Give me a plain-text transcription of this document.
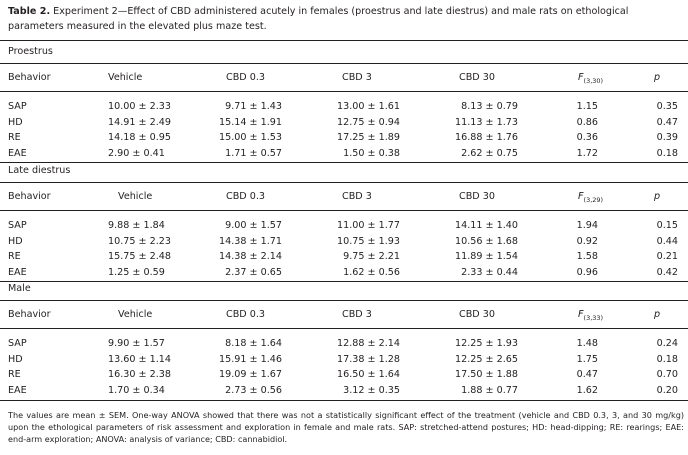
Table 2. Experiment 2—Effect of CBD administered acutely in females (proestrus and late diestrus) and male rats on ethological parameters measured in the elevated plus maze test.
Proestrus
Behavior	Vehicle	CBD 0.3	CBD 3	CBD 30	$F_{(3,30)}$	p
SAP	10.00 ± 2.33	9.71 ± 1.43	13.00 ± 1.61	8.13 ± 0.79	1.15	0.35
HD	14.91 ± 2.49	15.14 ± 1.91	12.75 ± 0.94	11.13 ± 1.73	0.86	0.47
RE	14.18 ± 0.95	15.00 ± 1.53	17.25 ± 1.89	16.88 ± 1.76	0.36	0.39
EAE	2.90 ± 0.41	1.71 ± 0.57	1.50 ± 0.38	2.62 ± 0.75	1.72	0.18
Late diestrus
Behavior	Vehicle	CBD 0.3	CBD 3	CBD 30	$F_{(3,29)}$	p
SAP	9.88 ± 1.84	9.00 ± 1.57	11.00 ± 1.77	14.11 ± 1.40	1.94	0.15
HD	10.75 ± 2.23	14.38 ± 1.71	10.75 ± 1.93	10.56 ± 1.68	0.92	0.44
RE	15.75 ± 2.48	14.38 ± 2.14	9.75 ± 2.21	11.89 ± 1.54	1.58	0.21
EAE	1.25 ± 0.59	2.37 ± 0.65	1.62 ± 0.56	2.33 ± 0.44	0.96	0.42
Male
Behavior	Vehicle	CBD 0.3	CBD 3	CBD 30	$F_{(3,33)}$	p
SAP	9.90 ± 1.57	8.18 ± 1.64	12.88 ± 2.14	12.25 ± 1.93	1.48	0.24
HD	13.60 ± 1.14	15.91 ± 1.46	17.38 ± 1.28	12.25 ± 2.65	1.75	0.18
RE	16.30 ± 2.38	19.09 ± 1.67	16.50 ± 1.64	17.50 ± 1.88	0.47	0.70
EAE	1.70 ± 0.34	2.73 ± 0.56	3.12 ± 0.35	1.88 ± 0.77	1.62	0.20
The values are mean ± SEM. One-way ANOVA showed that there was not a statistically significant effect of the treatment (vehicle and CBD 0.3, 3, and 30 mg/kg) upon the ethological parameters of risk assessment and exploration in female and male rats. SAP: stretched-attend postures; HD: head-dipping; RE: rearings; EAE: end-arm exploration; ANOVA: analysis of variance; CBD: cannabidiol.
